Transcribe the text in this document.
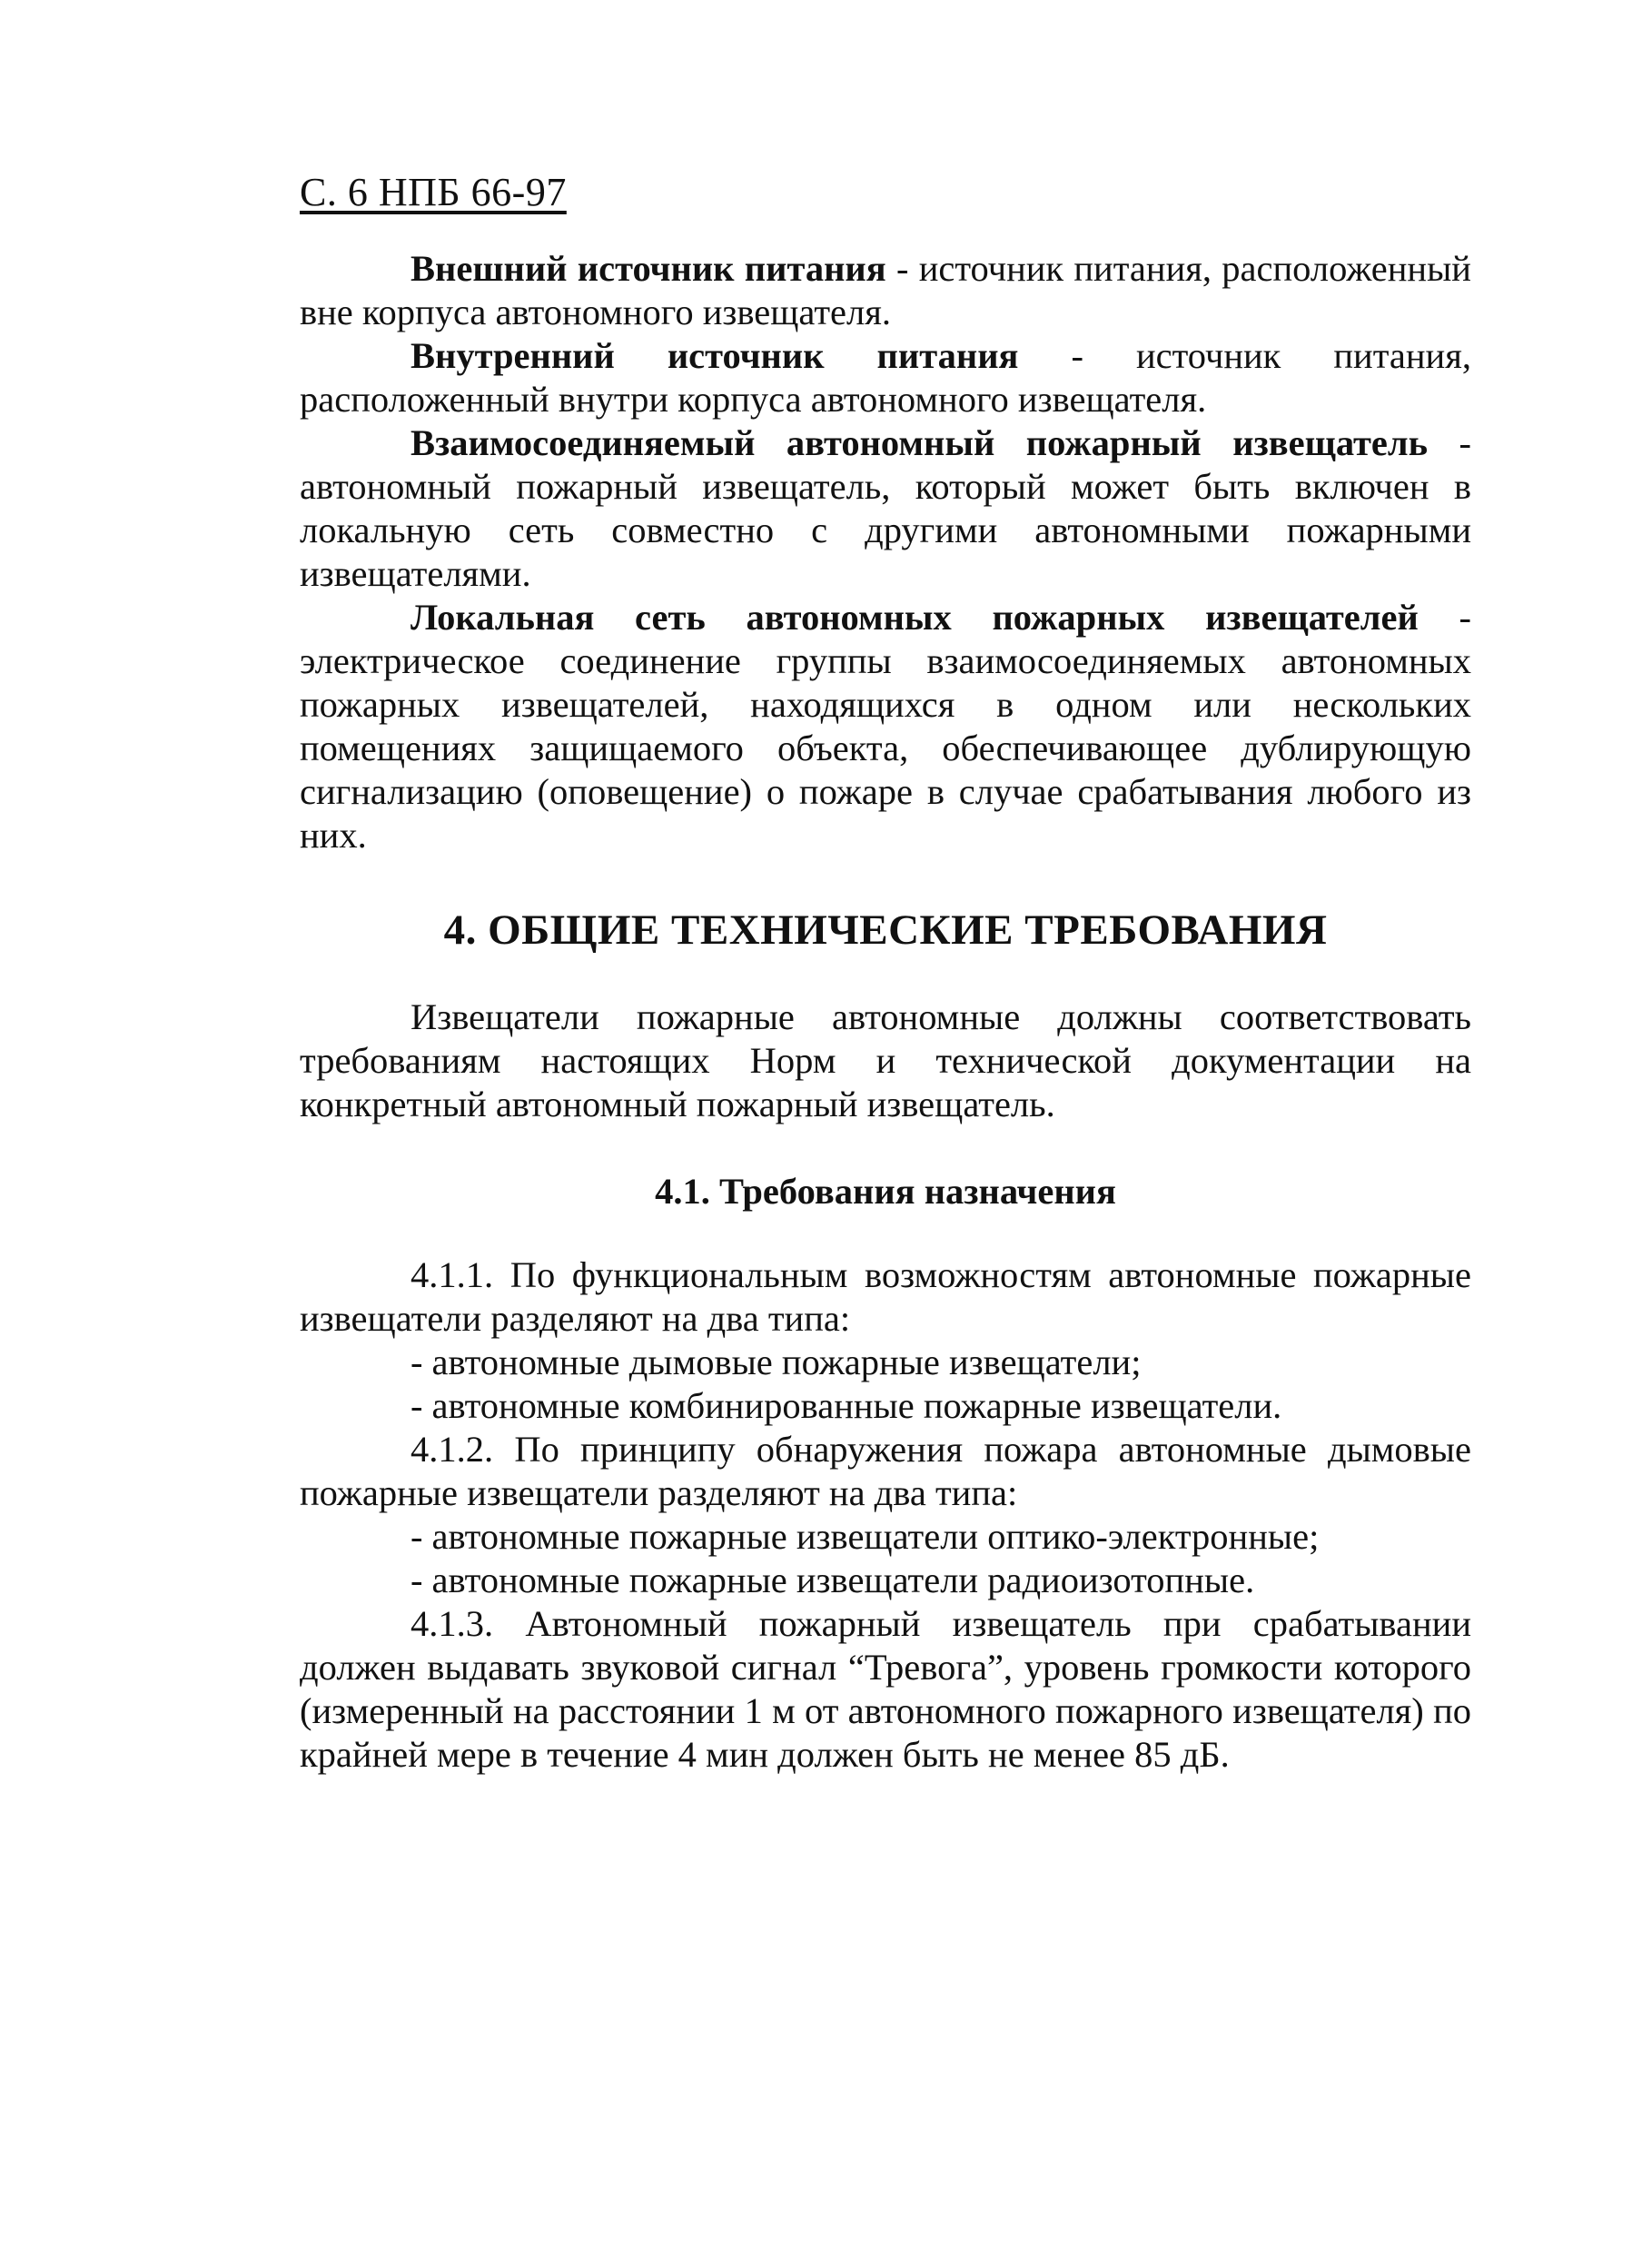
С. 6 НПБ 66-97

Внешний источник питания - источник питания, расположенный вне корпуса автономного извещателя.

Внутренний источник питания - источник питания, расположенный внутри корпуса автономного извещателя.

Взаимосоединяемый автономный пожарный извещатель - автономный пожарный извещатель, который может быть включен в локальную сеть совместно с другими автономными пожарными извещателями.

Локальная сеть автономных пожарных извещателей - электрическое соединение группы взаимосоединяемых автономных пожарных извещателей, находящихся в одном или нескольких помещениях защищаемого объекта, обеспечивающее дублирующую сигнализацию (оповещение) о пожаре в случае срабатывания любого из них.

4. ОБЩИЕ ТЕХНИЧЕСКИЕ ТРЕБОВАНИЯ

Извещатели пожарные автономные должны соответствовать требованиям настоящих Норм и технической документации на конкретный автономный пожарный извещатель.

4.1. Требования назначения

4.1.1. По функциональным возможностям автономные пожарные извещатели разделяют на два типа:

- автономные дымовые пожарные извещатели;

- автономные комбинированные пожарные извещатели.

4.1.2. По принципу обнаружения пожара автономные дымовые пожарные извещатели разделяют на два типа:

- автономные пожарные извещатели оптико-электронные;

- автономные пожарные извещатели радиоизотопные.

4.1.3. Автономный пожарный извещатель при срабатывании должен выдавать звуковой сигнал “Тревога”, уровень громкости которого (измеренный на расстоянии 1 м от автономного пожарного извещателя) по крайней мере в течение 4 мин должен быть не менее 85 дБ.
